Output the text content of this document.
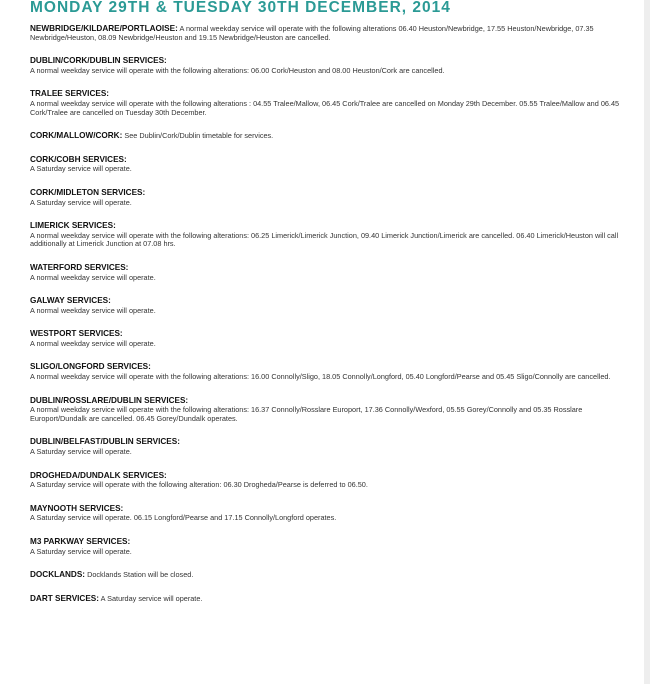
MONDAY 29TH & TUESDAY 30TH DECEMBER, 2014

NEWBRIDGE/KILDARE/PORTLAOISE: A normal weekday service will operate with the following alterations 06.40 Heuston/Newbridge, 17.55 Heuston/Newbridge, 07.35 Newbridge/Heuston, 08.09 Newbridge/Heuston and 19.15 Newbridge/Heuston are cancelled.

DUBLIN/CORK/DUBLIN SERVICES:
A normal weekday service will operate with the following alterations: 06.00 Cork/Heuston and 08.00 Heuston/Cork are cancelled.

TRALEE SERVICES:
A normal weekday service will operate with the following alterations : 04.55 Tralee/Mallow, 06.45 Cork/Tralee are cancelled on Monday 29th December. 05.55 Tralee/Mallow and 06.45 Cork/Tralee are cancelled on Tuesday 30th December.

CORK/MALLOW/CORK: See Dublin/Cork/Dublin timetable for services.

CORK/COBH SERVICES:
A Saturday service will operate.

CORK/MIDLETON SERVICES:
A Saturday service will operate.

LIMERICK SERVICES:
A normal weekday service will operate with the following alterations: 06.25 Limerick/Limerick Junction, 09.40 Limerick Junction/Limerick are cancelled. 06.40 Limerick/Heuston will call additionally at Limerick Junction at 07.08 hrs.

WATERFORD SERVICES:
A normal weekday service will operate.

GALWAY SERVICES:
A normal weekday service will operate.

WESTPORT SERVICES:
A normal weekday service will operate.

SLIGO/LONGFORD SERVICES:
A normal weekday service will operate with the following alterations: 16.00 Connolly/Sligo, 18.05 Connolly/Longford, 05.40 Longford/Pearse and 05.45 Sligo/Connolly are cancelled.

DUBLIN/ROSSLARE/DUBLIN SERVICES:
A normal weekday service will operate with the following alterations: 16.37 Connolly/Rosslare Europort, 17.36 Connolly/Wexford, 05.55 Gorey/Connolly and 05.35 Rosslare Europort/Dundalk are cancelled. 06.45 Gorey/Dundalk operates.

DUBLIN/BELFAST/DUBLIN SERVICES:
A Saturday service will operate.

DROGHEDA/DUNDALK SERVICES:
A Saturday service will operate with the following alteration: 06.30 Drogheda/Pearse is deferred to 06.50.

MAYNOOTH SERVICES:
A Saturday service will operate. 06.15 Longford/Pearse and 17.15 Connolly/Longford operates.

M3 PARKWAY SERVICES:
A Saturday service will operate.

DOCKLANDS: Docklands Station will be closed.

DART SERVICES: A Saturday service will operate.
